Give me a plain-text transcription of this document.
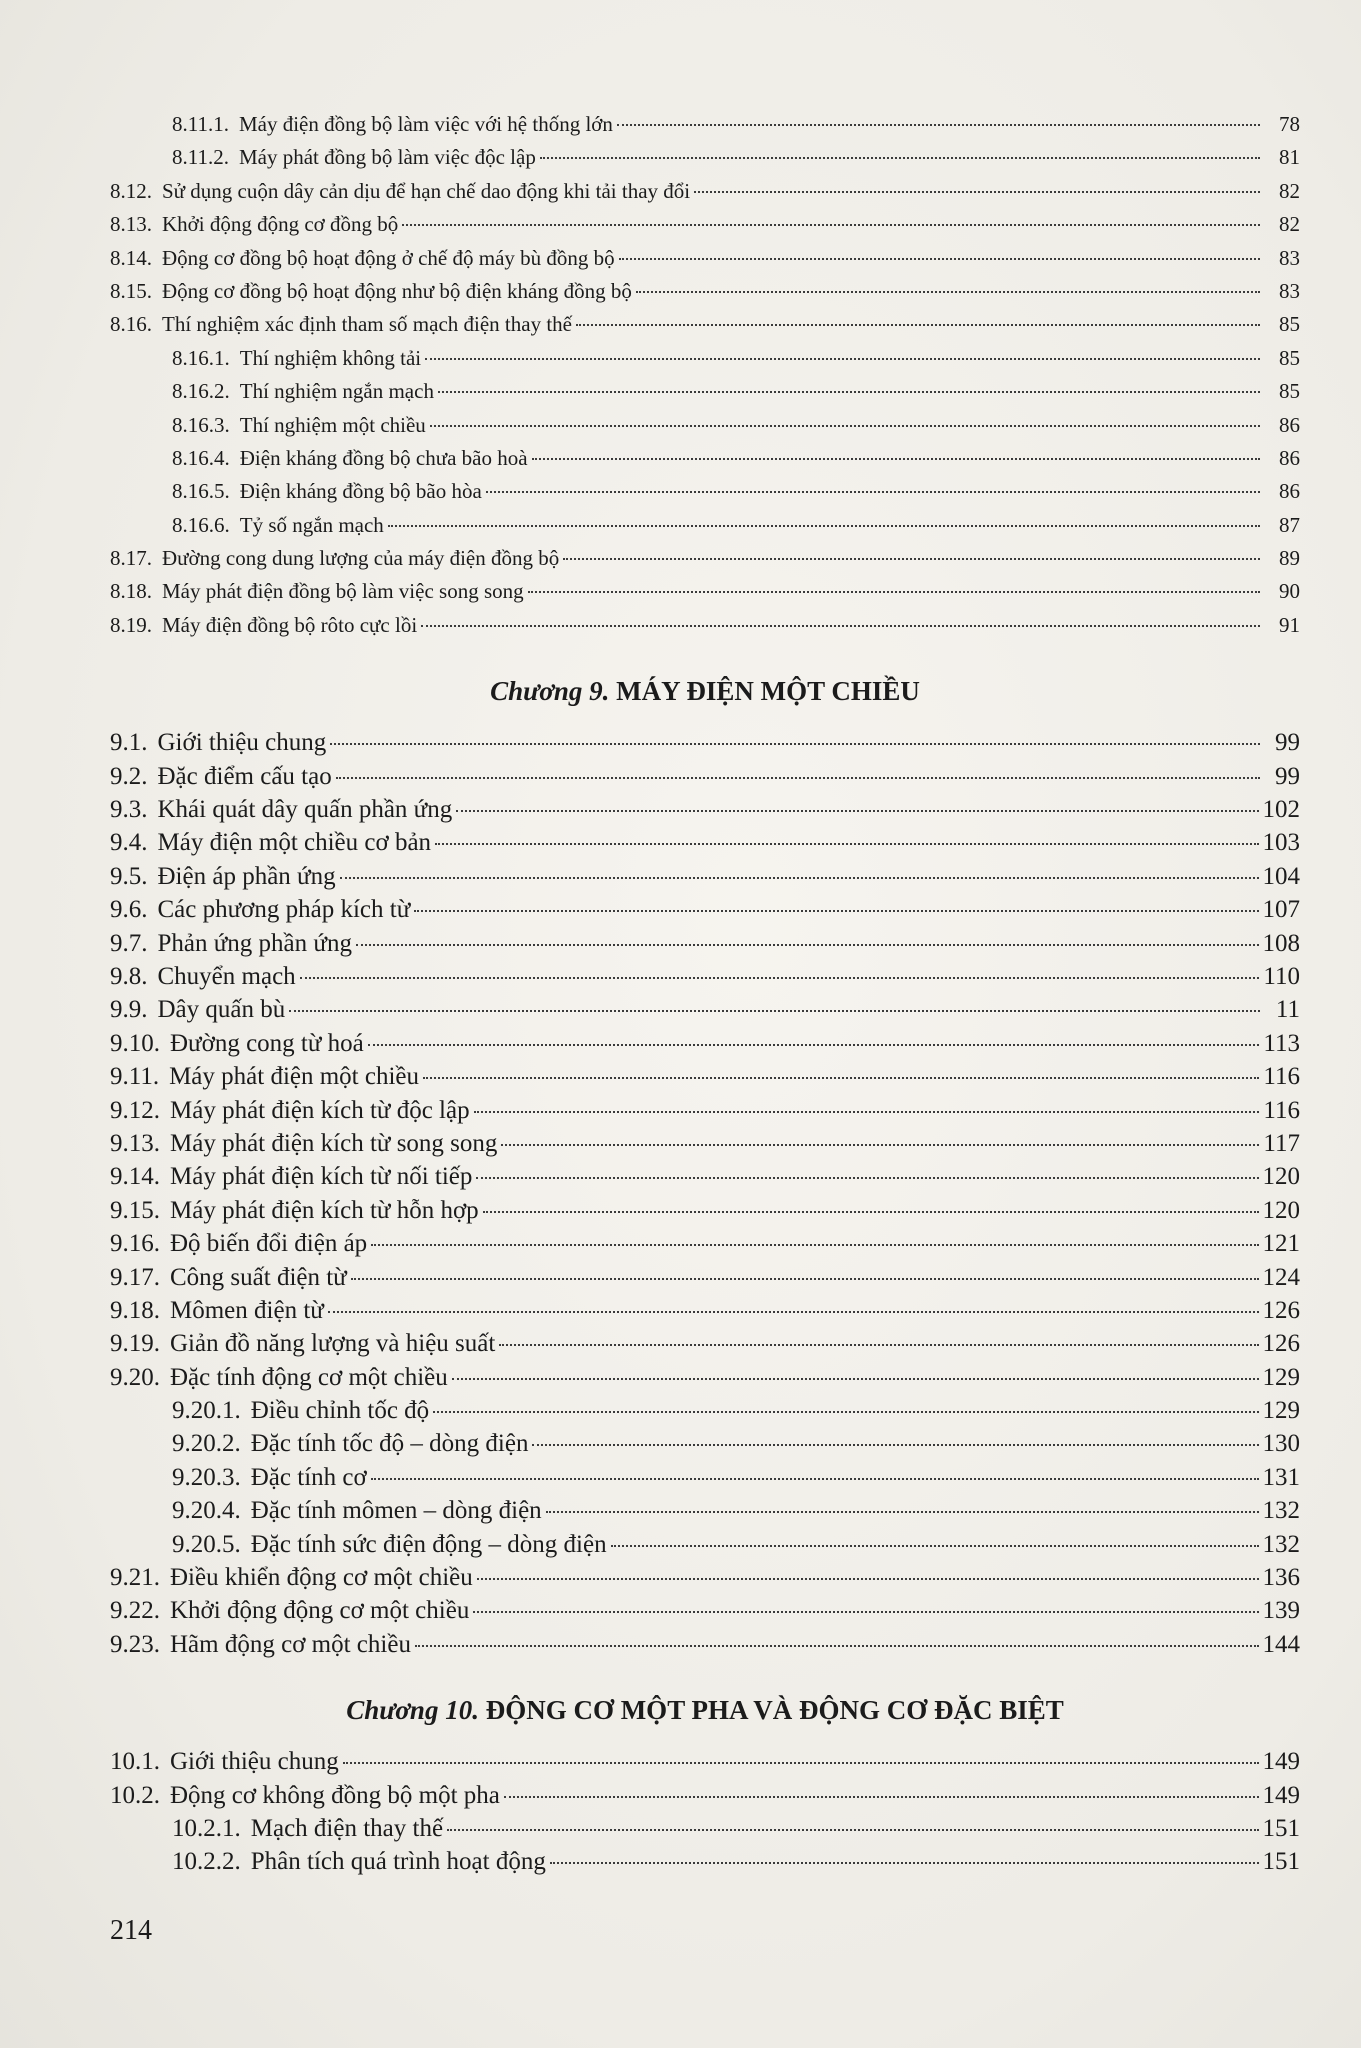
8.11.1. Máy điện đồng bộ làm việc với hệ thống lớn	78
8.11.2. Máy phát đồng bộ làm việc độc lập	81
8.12. Sử dụng cuộn dây cản dịu để hạn chế dao động khi tải thay đổi	82
8.13. Khởi động động cơ đồng bộ	82
8.14. Động cơ đồng bộ hoạt động ở chế độ máy bù đồng bộ	83
8.15. Động cơ đồng bộ hoạt động như bộ điện kháng đồng bộ	83
8.16. Thí nghiệm xác định tham số mạch điện thay thế	85
8.16.1. Thí nghiệm không tải	85
8.16.2. Thí nghiệm ngắn mạch	85
8.16.3. Thí nghiệm một chiều	86
8.16.4. Điện kháng đồng bộ chưa bão hoà	86
8.16.5. Điện kháng đồng bộ bão hòa	86
8.16.6. Tỷ số ngắn mạch	87
8.17. Đường cong dung lượng của máy điện đồng bộ	89
8.18. Máy phát điện đồng bộ làm việc song song	90
8.19. Máy điện đồng bộ rôto cực lồi	91
Chương 9. MÁY ĐIỆN MỘT CHIỀU
9.1. Giới thiệu chung	99
9.2. Đặc điểm cấu tạo	99
9.3. Khái quát dây quấn phần ứng	102
9.4. Máy điện một chiều cơ bản	103
9.5. Điện áp phần ứng	104
9.6. Các phương pháp kích từ	107
9.7. Phản ứng phần ứng	108
9.8. Chuyển mạch	110
9.9. Dây quấn bù	11
9.10. Đường cong từ hoá	113
9.11. Máy phát điện một chiều	116
9.12. Máy phát điện kích từ độc lập	116
9.13. Máy phát điện kích từ song song	117
9.14. Máy phát điện kích từ nối tiếp	120
9.15. Máy phát điện kích từ hỗn hợp	120
9.16. Độ biến đổi điện áp	121
9.17. Công suất điện từ	124
9.18. Mômen điện từ	126
9.19. Giản đồ năng lượng và hiệu suất	126
9.20. Đặc tính động cơ một chiều	129
9.20.1. Điều chỉnh tốc độ	129
9.20.2. Đặc tính tốc độ – dòng điện	130
9.20.3. Đặc tính cơ	131
9.20.4. Đặc tính mômen – dòng điện	132
9.20.5. Đặc tính sức điện động – dòng điện	132
9.21. Điều khiển động cơ một chiều	136
9.22. Khởi động động cơ một chiều	139
9.23. Hãm động cơ một chiều	144
Chương 10. ĐỘNG CƠ MỘT PHA VÀ ĐỘNG CƠ ĐẶC BIỆT
10.1. Giới thiệu chung	149
10.2. Động cơ không đồng bộ một pha	149
10.2.1. Mạch điện thay thế	151
10.2.2. Phân tích quá trình hoạt động	151
214
